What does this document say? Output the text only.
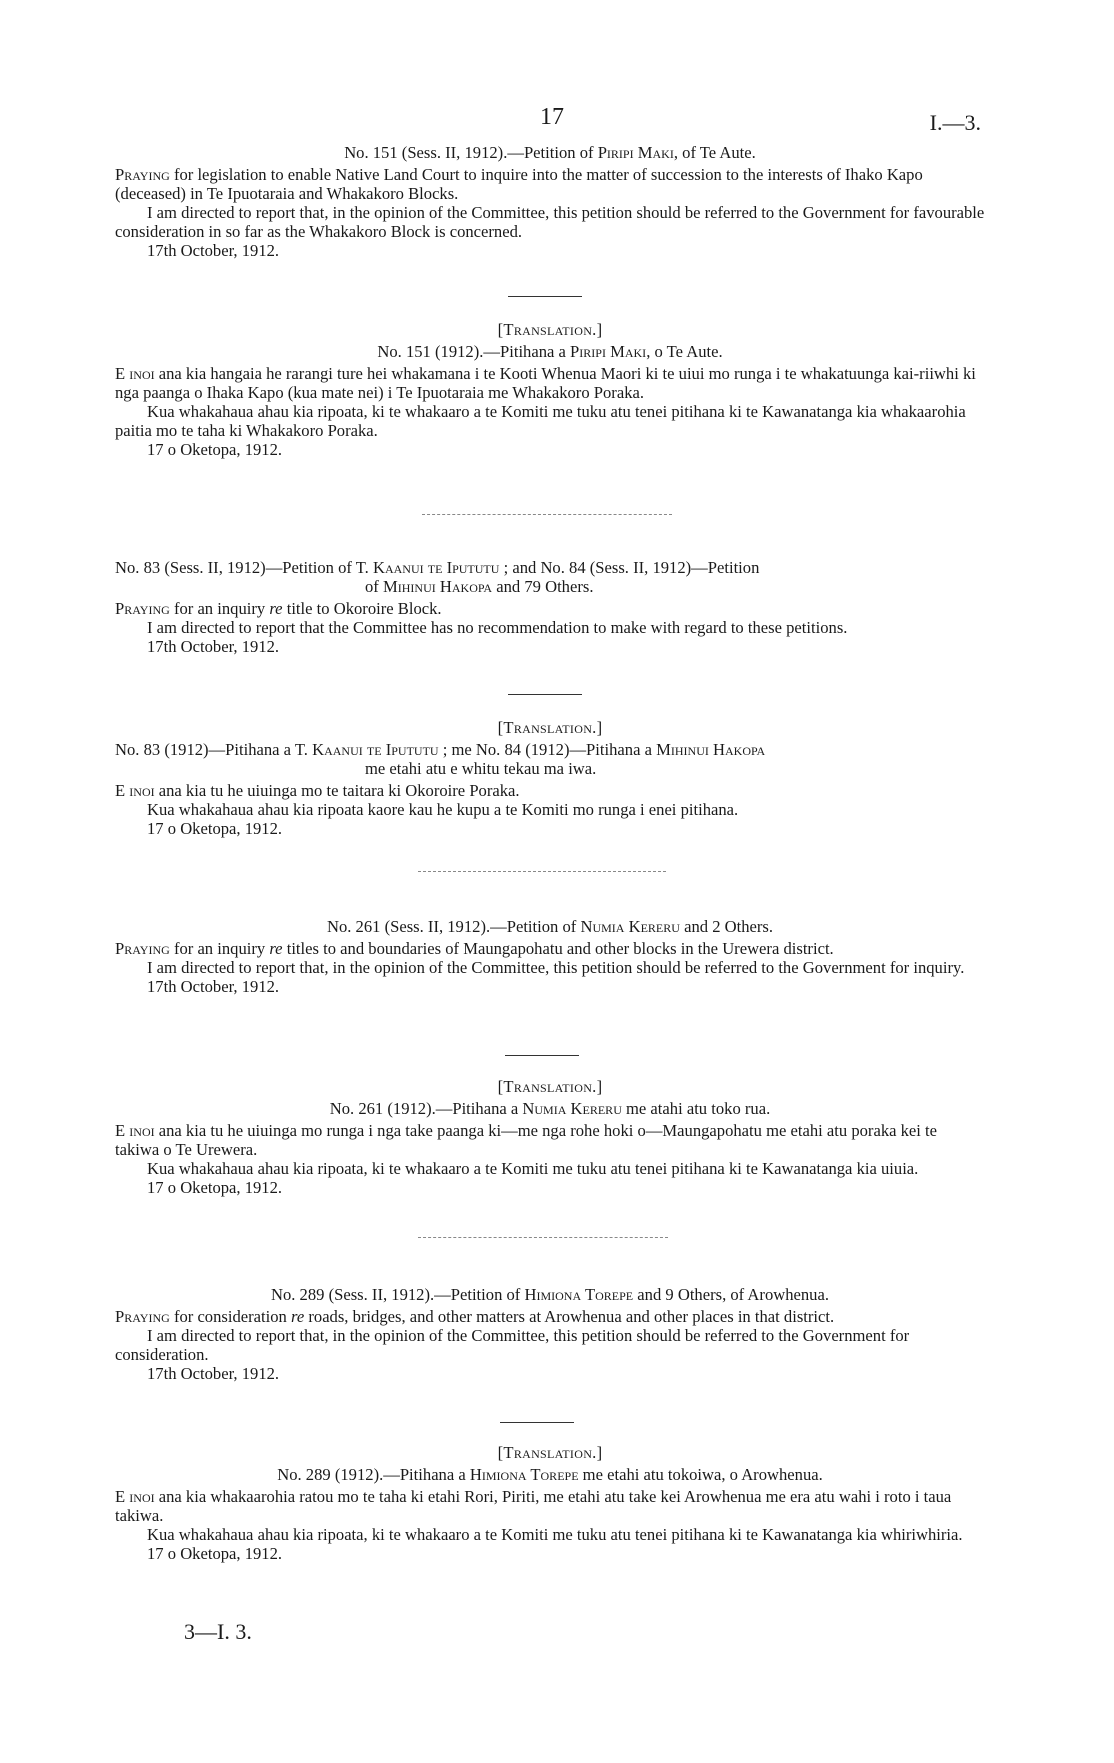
17	I.—3.

No. 151 (Sess. II, 1912).—Petition of Piripi Maki, of Te Aute.

Praying for legislation to enable Native Land Court to inquire into the matter of succession to the interests of Ihako Kapo (deceased) in Te Ipuotaraia and Whakakoro Blocks.

I am directed to report that, in the opinion of the Committee, this petition should be referred to the Government for favourable consideration in so far as the Whakakoro Block is concerned.

17th October, 1912.

[Translation.]

No. 151 (1912).—Pitihana a Piripi Maki, o Te Aute.

E inoi ana kia hangaia he rarangi ture hei whakamana i te Kooti Whenua Maori ki te uiui mo runga i te whakatuunga kai-riiwhi ki nga paanga o Ihaka Kapo (kua mate nei) i Te Ipuotaraia me Whakakoro Poraka.

Kua whakahaua ahau kia ripoata, ki te whakaaro a te Komiti me tuku atu tenei pitihana ki te Kawanatanga kia whakaarohia paitia mo te taha ki Whakakoro Poraka.

17 o Oketopa, 1912.

No. 83 (Sess. II, 1912)—Petition of T. Kaanui te Ipututu ; and No. 84 (Sess. II, 1912)—Petition

of Mihinui Hakopa and 79 Others.

Praying for an inquiry re title to Okoroire Block.

I am directed to report that the Committee has no recommendation to make with regard to these petitions.

17th October, 1912.

[Translation.]

No. 83 (1912)—Pitihana a T. Kaanui te Ipututu ; me No. 84 (1912)—Pitihana a Mihinui Hakopa

me etahi atu e whitu tekau ma iwa.

E inoi ana kia tu he uiuinga mo te taitara ki Okoroire Poraka.

Kua whakahaua ahau kia ripoata kaore kau he kupu a te Komiti mo runga i enei pitihana.

17 o Oketopa, 1912.

No. 261 (Sess. II, 1912).—Petition of Numia Kereru and 2 Others.

Praying for an inquiry re titles to and boundaries of Maungapohatu and other blocks in the Urewera district.

I am directed to report that, in the opinion of the Committee, this petition should be referred to the Government for inquiry.

17th October, 1912.

[Translation.]

No. 261 (1912).—Pitihana a Numia Kereru me atahi atu toko rua.

E inoi ana kia tu he uiuinga mo runga i nga take paanga ki—me nga rohe hoki o—Maungapohatu me etahi atu poraka kei te takiwa o Te Urewera.

Kua whakahaua ahau kia ripoata, ki te whakaaro a te Komiti me tuku atu tenei pitihana ki te Kawanatanga kia uiuia.

17 o Oketopa, 1912.

No. 289 (Sess. II, 1912).—Petition of Himiona Torepe and 9 Others, of Arowhenua.

Praying for consideration re roads, bridges, and other matters at Arowhenua and other places in that district.

I am directed to report that, in the opinion of the Committee, this petition should be referred to the Government for consideration.

17th October, 1912.

[Translation.]

No. 289 (1912).—Pitihana a Himiona Torepe me etahi atu tokoiwa, o Arowhenua.

E inoi ana kia whakaarohia ratou mo te taha ki etahi Rori, Piriti, me etahi atu take kei Arowhenua me era atu wahi i roto i taua takiwa.

Kua whakahaua ahau kia ripoata, ki te whakaaro a te Komiti me tuku atu tenei pitihana ki te Kawanatanga kia whiriwhiria.

17 o Oketopa, 1912.

3—I. 3.
